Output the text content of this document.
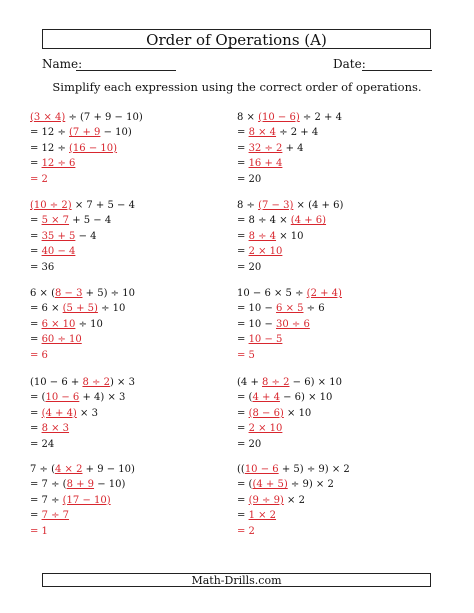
Order of Operations (A)
Name:	Date:
Simplify each expression using the correct order of operations.
(3 × 4) ÷ (7 + 9 − 10)
= 12 ÷ (7 + 9 − 10)
= 12 ÷ (16 − 10)
= 12 ÷ 6
= 2
8 × (10 − 6) ÷ 2 + 4
= 8 × 4 ÷ 2 + 4
= 32 ÷ 2 + 4
= 16 + 4
= 20
(10 ÷ 2) × 7 + 5 − 4
= 5 × 7 + 5 − 4
= 35 + 5 − 4
= 40 − 4
= 36
8 ÷ (7 − 3) × (4 + 6)
= 8 ÷ 4 × (4 + 6)
= 8 ÷ 4 × 10
= 2 × 10
= 20
6 × (8 − 3 + 5) ÷ 10
= 6 × (5 + 5) ÷ 10
= 6 × 10 ÷ 10
= 60 ÷ 10
= 6
10 − 6 × 5 ÷ (2 + 4)
= 10 − 6 × 5 ÷ 6
= 10 − 30 ÷ 6
= 10 − 5
= 5
(10 − 6 + 8 ÷ 2) × 3
= (10 − 6 + 4) × 3
= (4 + 4) × 3
= 8 × 3
= 24
(4 + 8 ÷ 2 − 6) × 10
= (4 + 4 − 6) × 10
= (8 − 6) × 10
= 2 × 10
= 20
7 ÷ (4 × 2 + 9 − 10)
= 7 ÷ (8 + 9 − 10)
= 7 ÷ (17 − 10)
= 7 ÷ 7
= 1
((10 − 6 + 5) ÷ 9) × 2
= ((4 + 5) ÷ 9) × 2
= (9 ÷ 9) × 2
= 1 × 2
= 2
Math-Drills.com
